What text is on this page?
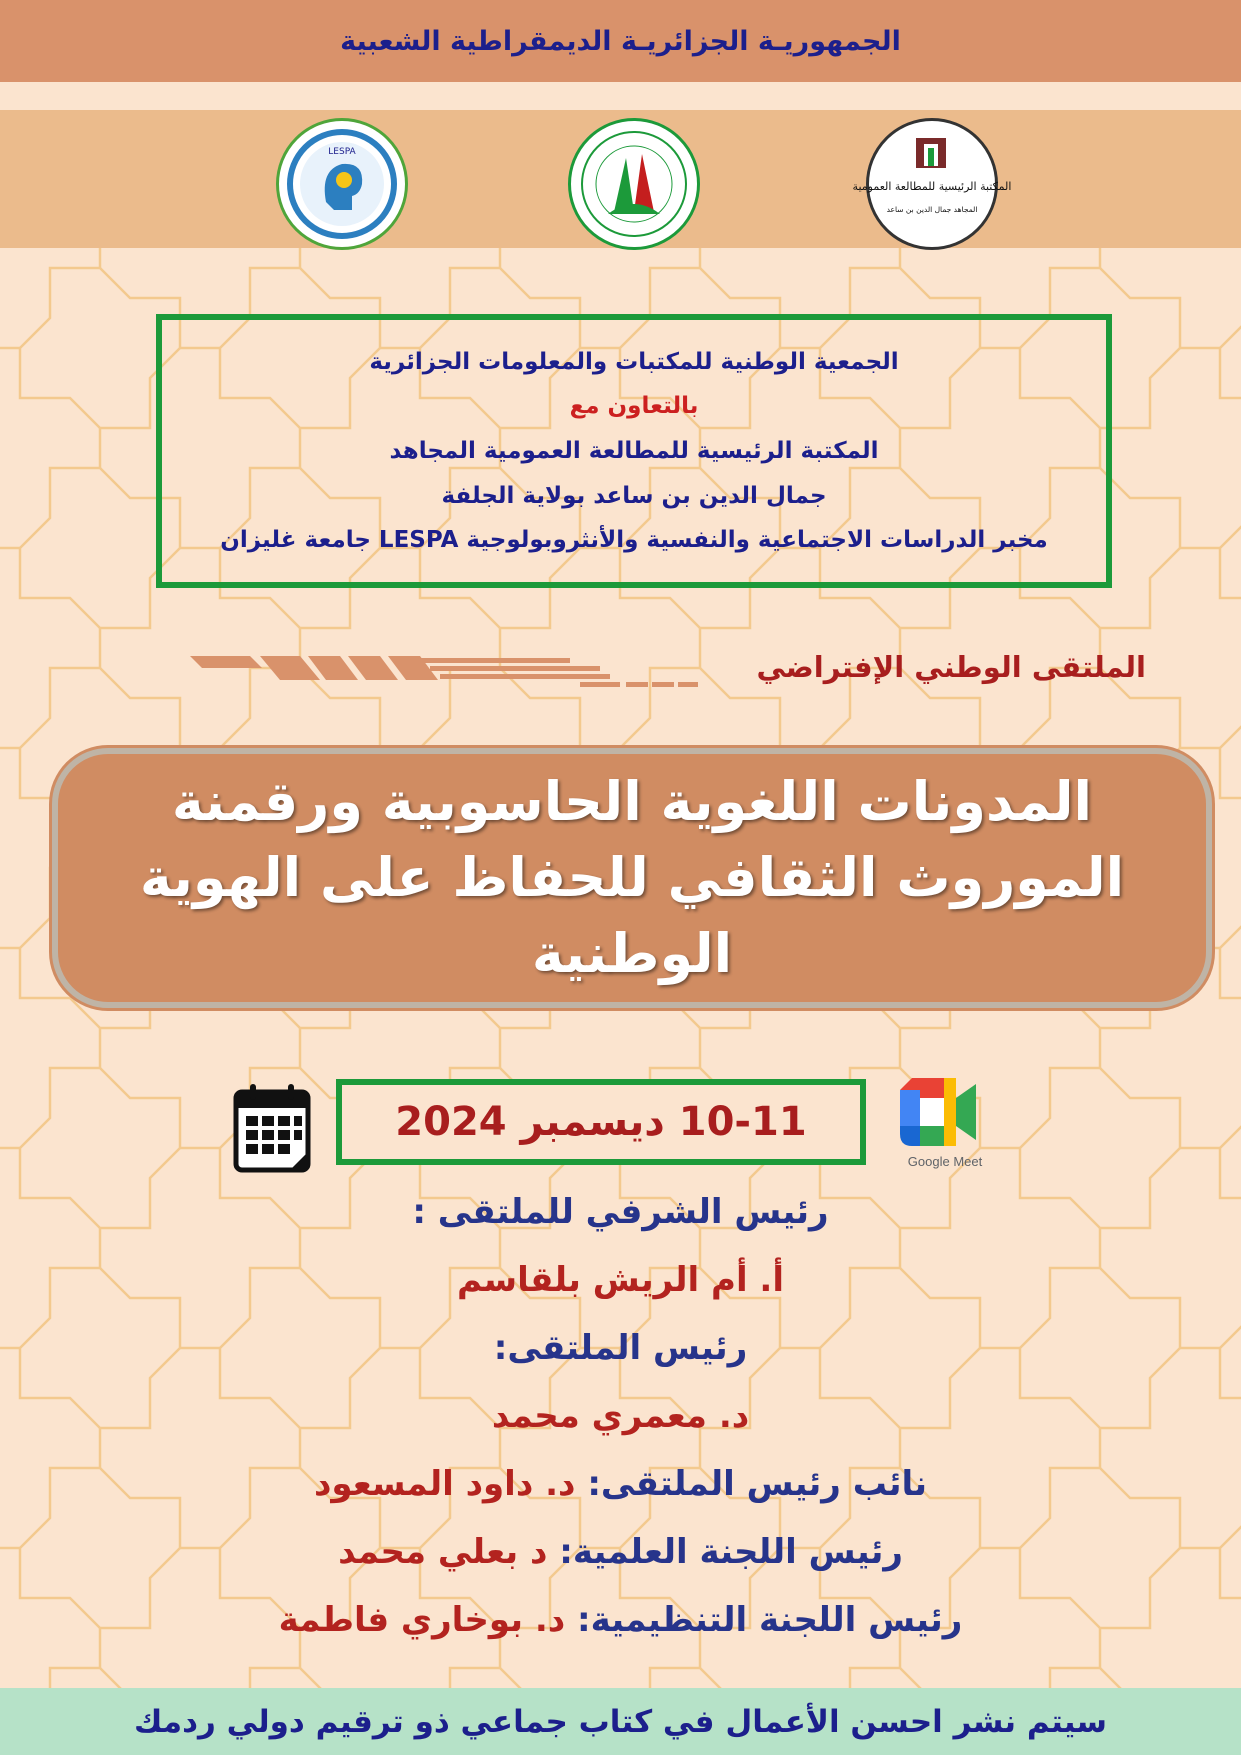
الجمهوريـة الجزائريـة الديمقراطية الشعبية
المكتبة الرئيسية للمطالعة العمومية
المجاهد جمال الدين بن ساعد
LESPA
الجمعية الوطنية للمكتبات والمعلومات الجزائرية
بالتعاون مع
المكتبة الرئيسية للمطالعة العمومية المجاهد
جمال الدين بن ساعد بولاية الجلفة
مخبر الدراسات الاجتماعية والنفسية والأنثروبولوجية LESPA جامعة غليزان
الملتقى الوطني الإفتراضي
المدونات اللغوية الحاسوبية ورقمنة الموروث الثقافي للحفاظ على الهوية الوطنية
10-11 ديسمبر 2024
Google Meet
رئيس الشرفي للملتقى :
أ. أم الريش بلقاسم
رئيس الملتقى:
د. معمري محمد
نائب رئيس الملتقى: د. داود المسعود
رئيس اللجنة العلمية: د بعلي محمد
رئيس اللجنة التنظيمية: د. بوخاري فاطمة
سيتم نشر احسن الأعمال في كتاب جماعي ذو ترقيم دولي ردمك
